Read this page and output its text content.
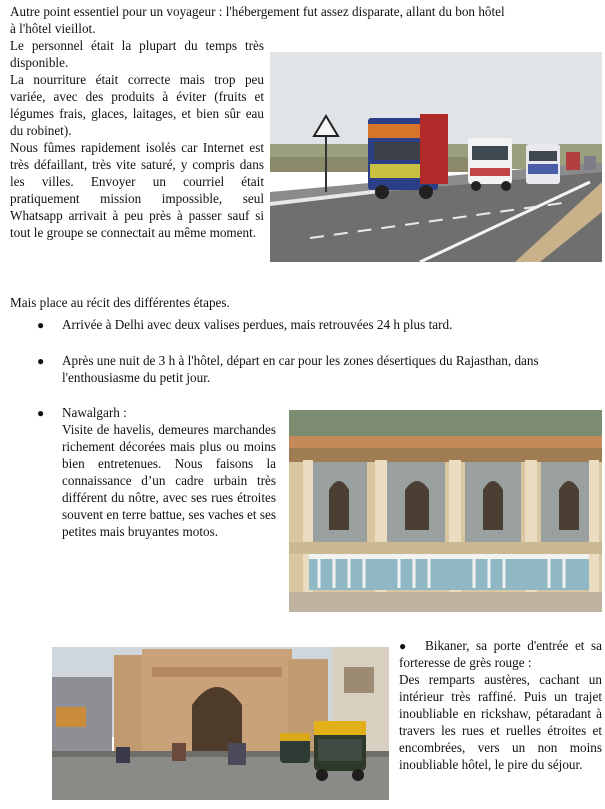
Autre point essentiel pour un voyageur : l'hébergement fut assez disparate, allant du bon hôtel

à l'hôtel vieillot.

Le personnel était la plupart du temps très disponible.

La nourriture était correcte mais trop peu variée, avec des produits à éviter (fruits et légumes frais, glaces, laitages, et bien sûr eau du robinet).

Nous fûmes rapidement isolés car Internet est très défaillant, très vite saturé, y compris dans les villes. Envoyer un courriel était pratiquement mission impossible, seul Whatsapp arrivait à peu près à passer sauf si tout le groupe se connectait au même moment.

Mais place au récit des différentes étapes.

● Arrivée à Delhi avec deux valises perdues, mais retrouvées 24 h plus tard.

● Après une nuit de 3 h à l'hôtel, départ en car pour les zones désertiques du Rajasthan, dans l'enthousiasme du petit jour.

● Nawalgarh :

Visite de havelis, demeures marchandes richement décorées mais plus ou moins bien entretenues. Nous faisons la connaissance d’un cadre urbain très différent du nôtre, avec ses rues étroites souvent en terre battue, ses vaches et ses petites mais bruyantes motos.

●	Bikaner, sa porte d'entrée et sa forteresse de grès rouge :

Des remparts austères, cachant un intérieur très raffiné. Puis un trajet inoubliable en rickshaw, pétaradant à travers les rues et ruelles étroites et encombrées, vers un non moins inoubliable hôtel, le pire du séjour.
